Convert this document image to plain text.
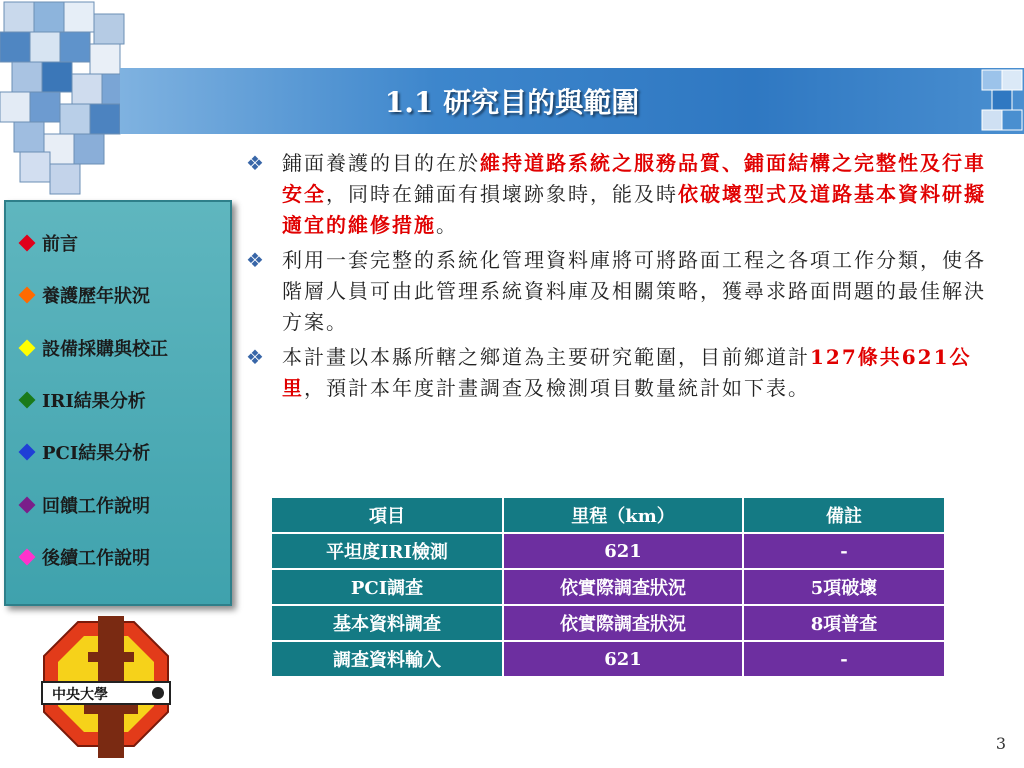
1.1 研究目的與範圍
前言
養護歷年狀況
設備採購與校正
IRI結果分析
PCI結果分析
回饋工作說明
後續工作說明
❖ 鋪面養護的目的在於維持道路系統之服務品質、鋪面結構之完整性及行車安全，同時在鋪面有損壞跡象時，能及時依破壞型式及道路基本資料研擬適宜的維修措施。
❖ 利用一套完整的系統化管理資料庫將可將路面工程之各項工作分類，使各階層人員可由此管理系統資料庫及相關策略，獲尋求路面問題的最佳解決方案。
❖ 本計畫以本縣所轄之鄉道為主要研究範圍，目前鄉道計127條共621公里，預計本年度計畫調查及檢測項目數量統計如下表。
項目	里程（km）	備註
平坦度IRI檢測	621	-
PCI調查	依實際調查狀況	5項破壞
基本資料調查	依實際調查狀況	8項普查
調查資料輸入	621	-
中央大學
3
